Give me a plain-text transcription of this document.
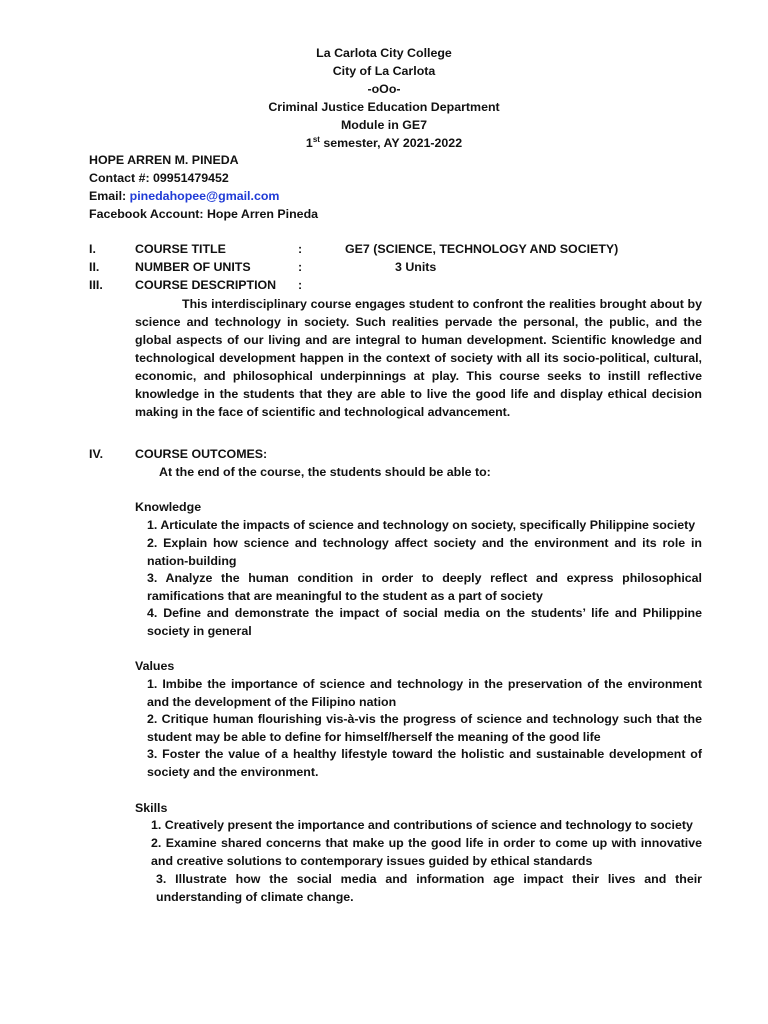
La Carlota City College
City of La Carlota
-oOo-
Criminal Justice Education Department
Module in GE7
1st semester, AY 2021-2022
HOPE ARREN M. PINEDA
Contact #: 09951479452
Email: pinedahopee@gmail.com
Facebook Account: Hope Arren Pineda
I.	COURSE TITLE	:	GE7 (SCIENCE, TECHNOLOGY AND SOCIETY)
II.	NUMBER OF UNITS	:	3 Units
III.	COURSE DESCRIPTION :
This interdisciplinary course engages student to confront the realities brought about by science and technology in society. Such realities pervade the personal, the public, and the global aspects of our living and are integral to human development. Scientific knowledge and technological development happen in the context of society with all its socio-political, cultural, economic, and philosophical underpinnings at play. This course seeks to instill reflective knowledge in the students that they are able to live the good life and display ethical decision making in the face of scientific and technological advancement.
IV.	COURSE OUTCOMES:
At the end of the course, the students should be able to:
Knowledge
1. Articulate the impacts of science and technology on society, specifically Philippine society
2. Explain how science and technology affect society and the environment and its role in nation-building
3. Analyze the human condition in order to deeply reflect and express philosophical ramifications that are meaningful to the student as a part of society
4. Define and demonstrate the impact of social media on the students’ life and Philippine society in general
Values
1. Imbibe the importance of science and technology in the preservation of the environment and the development of the Filipino nation
2. Critique human flourishing vis-à-vis the progress of science and technology such that the student may be able to define for himself/herself the meaning of the good life
3. Foster the value of a healthy lifestyle toward the holistic and sustainable development of society and the environment.
Skills
1. Creatively present the importance and contributions of science and technology to society
2. Examine shared concerns that make up the good life in order to come up with innovative and creative solutions to contemporary issues guided by ethical standards
3. Illustrate how the social media and information age impact their lives and their understanding of climate change.
